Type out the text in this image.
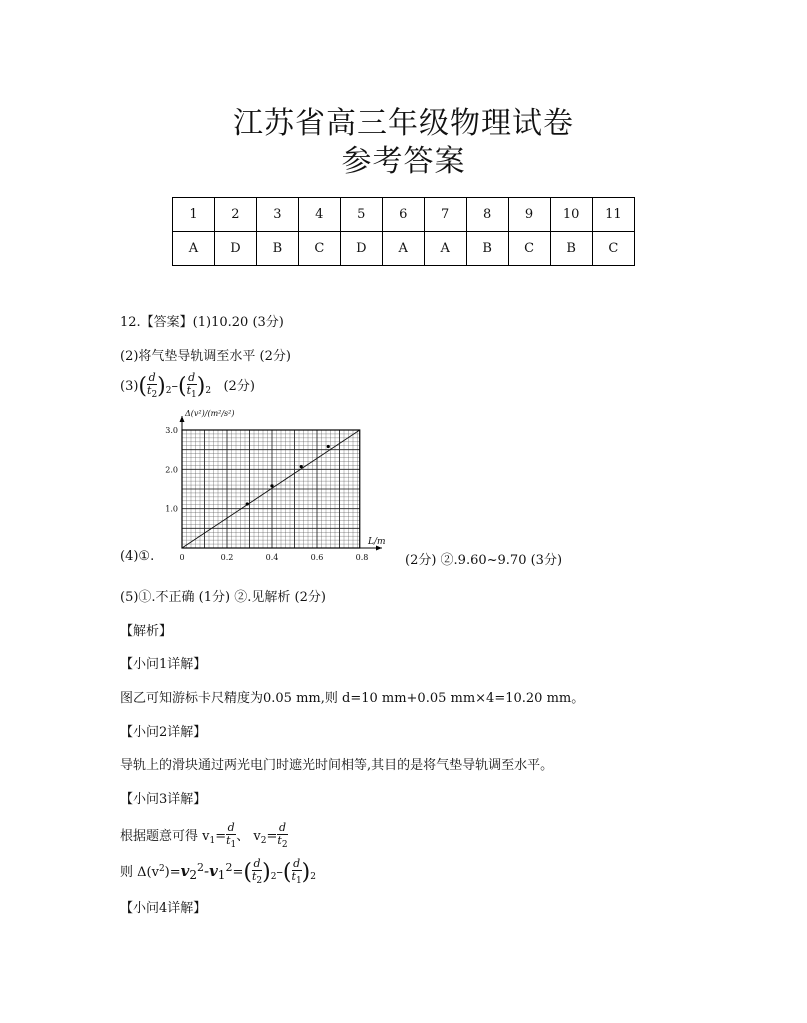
江苏省高三年级物理试卷
参考答案
1	2	3	4	5	6	7	8	9	10	11
A	D	B	C	D	A	A	B	C	B	C
12.【答案】(1)10.20 (3分)
(2)将气垫导轨调至水平 (2分)
$(3)( \frac{d}{t_2} )_2-( \frac{d}{t_1} )_2$ (2分)
0	0.2	0.4	0.6	0.8
1.0
2.0
3.0
Δ(v²)/(m²/s²)
L/m
(4)①.	(2分) ②.9.60~9.70 (3分)
(5)①.不正确 (1分) ②.见解析 (2分)
【解析】
【小问1详解】
图乙可知游标卡尺精度为0.05 mm,则 d=10 mm+0.05 mm×4=10.20 mm。
【小问2详解】
导轨上的滑块通过两光电门时遮光时间相等,其目的是将气垫导轨调至水平。
【小问3详解】
根据题意可得 $v_1= \frac{d}{t_1}$ 、 $v_2= \frac{d}{t_2}$
则 $\Delta(v^2)=v2^2-v1^2=( \frac{d}{t_2} )_2-( \frac{d}{t_1} )_2$
【小问4详解】
